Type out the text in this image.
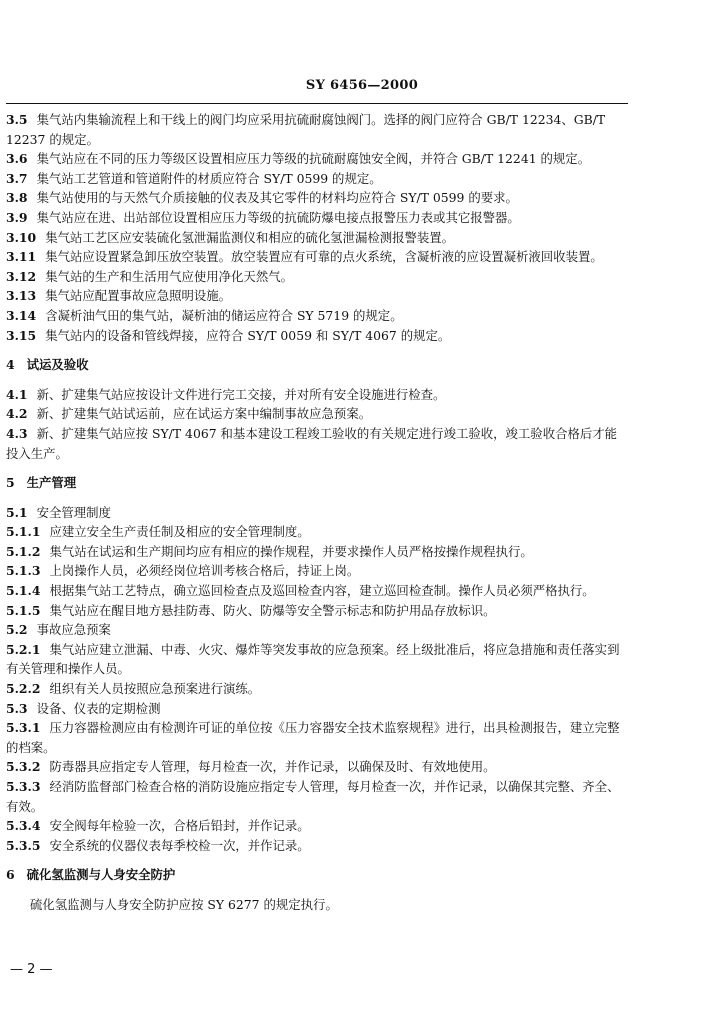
SY 6456—2000
3.5 集气站内集输流程上和干线上的阀门均应采用抗硫耐腐蚀阀门。选择的阀门应符合 GB/T 12234、GB/T 12237 的规定。
3.6 集气站应在不同的压力等级区设置相应压力等级的抗硫耐腐蚀安全阀，并符合 GB/T 12241 的规定。
3.7 集气站工艺管道和管道附件的材质应符合 SY/T 0599 的规定。
3.8 集气站使用的与天然气介质接触的仪表及其它零件的材料均应符合 SY/T 0599 的要求。
3.9 集气站应在进、出站部位设置相应压力等级的抗硫防爆电接点报警压力表或其它报警器。
3.10 集气站工艺区应安装硫化氢泄漏监测仪和相应的硫化氢泄漏检测报警装置。
3.11 集气站应设置紧急卸压放空装置。放空装置应有可靠的点火系统，含凝析液的应设置凝析液回收装置。
3.12 集气站的生产和生活用气应使用净化天然气。
3.13 集气站应配置事故应急照明设施。
3.14 含凝析油气田的集气站，凝析油的储运应符合 SY 5719 的规定。
3.15 集气站内的设备和管线焊接，应符合 SY/T 0059 和 SY/T 4067 的规定。
4 试运及验收
4.1 新、扩建集气站应按设计文件进行完工交接，并对所有安全设施进行检查。
4.2 新、扩建集气站试运前，应在试运方案中编制事故应急预案。
4.3 新、扩建集气站应按 SY/T 4067 和基本建设工程竣工验收的有关规定进行竣工验收，竣工验收合格后才能投入生产。
5 生产管理
5.1 安全管理制度
5.1.1 应建立安全生产责任制及相应的安全管理制度。
5.1.2 集气站在试运和生产期间均应有相应的操作规程，并要求操作人员严格按操作规程执行。
5.1.3 上岗操作人员，必须经岗位培训考核合格后，持证上岗。
5.1.4 根据集气站工艺特点，确立巡回检查点及巡回检查内容，建立巡回检查制。操作人员必须严格执行。
5.1.5 集气站应在醒目地方悬挂防毒、防火、防爆等安全警示标志和防护用品存放标识。
5.2 事故应急预案
5.2.1 集气站应建立泄漏、中毒、火灾、爆炸等突发事故的应急预案。经上级批准后，将应急措施和责任落实到有关管理和操作人员。
5.2.2 组织有关人员按照应急预案进行演练。
5.3 设备、仪表的定期检测
5.3.1 压力容器检测应由有检测许可证的单位按《压力容器安全技术监察规程》进行，出具检测报告，建立完整的档案。
5.3.2 防毒器具应指定专人管理，每月检查一次，并作记录，以确保及时、有效地使用。
5.3.3 经消防监督部门检查合格的消防设施应指定专人管理，每月检查一次，并作记录，以确保其完整、齐全、有效。
5.3.4 安全阀每年检验一次，合格后铅封，并作记录。
5.3.5 安全系统的仪器仪表每季校检一次，并作记录。
6 硫化氢监测与人身安全防护
硫化氢监测与人身安全防护应按 SY 6277 的规定执行。
— 2 —
